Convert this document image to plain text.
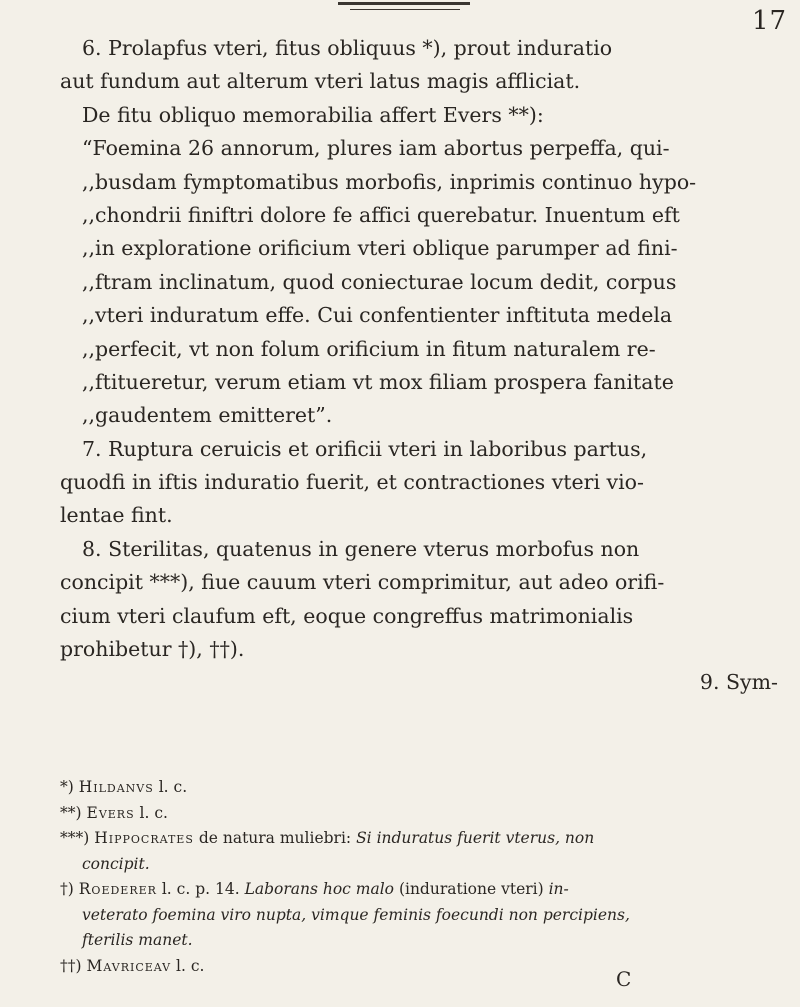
17
6. Prolapfus vteri, fitus obliquus *), prout induratio
aut fundum aut alterum vteri latus magis affliciat.
De fitu obliquo memorabilia affert Evers **):
“Foemina 26 annorum, plures iam abortus perpeffa, qui-
,,busdam fymptomatibus morbofis, inprimis continuo hypo-
,,chondrii finiftri dolore fe affici querebatur. Inuentum eft
,,in exploratione orificium vteri oblique parumper ad fini-
,,ftram inclinatum, quod coniecturae locum dedit, corpus
,,vteri induratum effe. Cui confentienter inftituta medela
,,perfecit, vt non folum orificium in fitum naturalem re-
,,ftitueretur, verum etiam vt mox filiam prospera fanitate
,,gaudentem emitteret”.
7. Ruptura ceruicis et orificii vteri in laboribus partus,
quodfi in iftis induratio fuerit, et contractiones vteri vio-
lentae fint.
8. Sterilitas, quatenus in genere vterus morbofus non
concipit ***), fiue cauum vteri comprimitur, aut adeo orifi-
cium vteri claufum eft, eoque congreffus matrimonialis
prohibetur †), ††).
9. Sym-
*) Hildanvs l. c.
**) Evers l. c.
***) Hippocrates de natura muliebri: Si induratus fuerit vterus, non
concipit.
†) Roederer l. c. p. 14. Laborans hoc malo (induratione vteri) in-
veterato foemina viro nupta, vimque feminis foecundi non percipiens,
fterilis manet.
††) Mavriceav l. c.
C
